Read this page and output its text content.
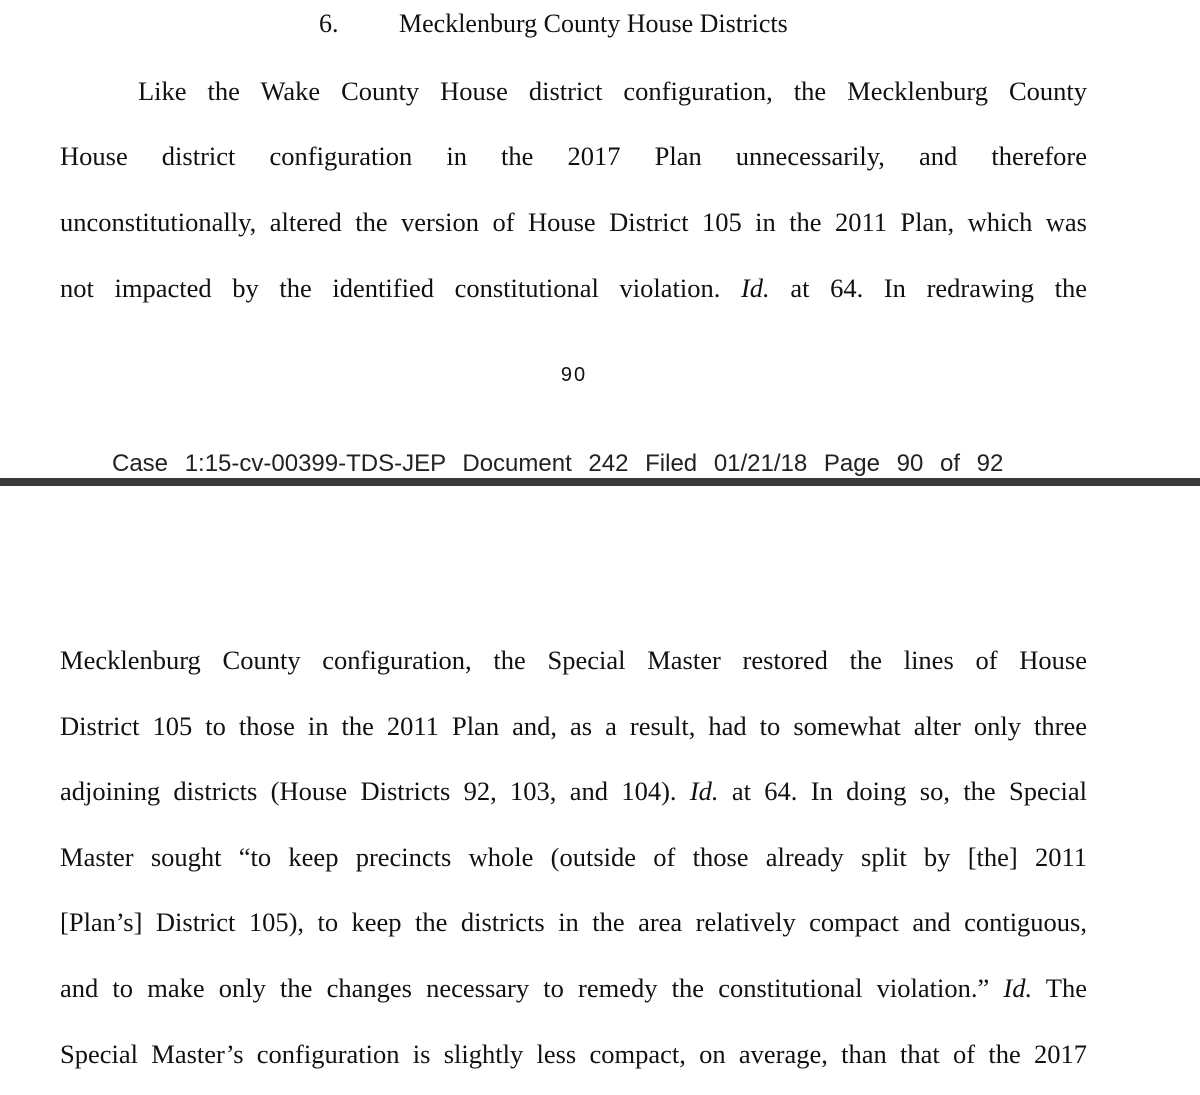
6. Mecklenburg County House Districts
Like the Wake County House district configuration, the Mecklenburg County
House district configuration in the 2017 Plan unnecessarily, and therefore
unconstitutionally, altered the version of House District 105 in the 2011 Plan, which was
not impacted by the identified constitutional violation. Id. at 64. In redrawing the
90
Case 1:15-cv-00399-TDS-JEP Document 242 Filed 01/21/18 Page 90 of 92
Mecklenburg County configuration, the Special Master restored the lines of House
District 105 to those in the 2011 Plan and, as a result, had to somewhat alter only three
adjoining districts (House Districts 92, 103, and 104). Id. at 64. In doing so, the Special
Master sought “to keep precincts whole (outside of those already split by [the] 2011
[Plan’s] District 105), to keep the districts in the area relatively compact and contiguous,
and to make only the changes necessary to remedy the constitutional violation.” Id. The
Special Master’s configuration is slightly less compact, on average, than that of the 2017
